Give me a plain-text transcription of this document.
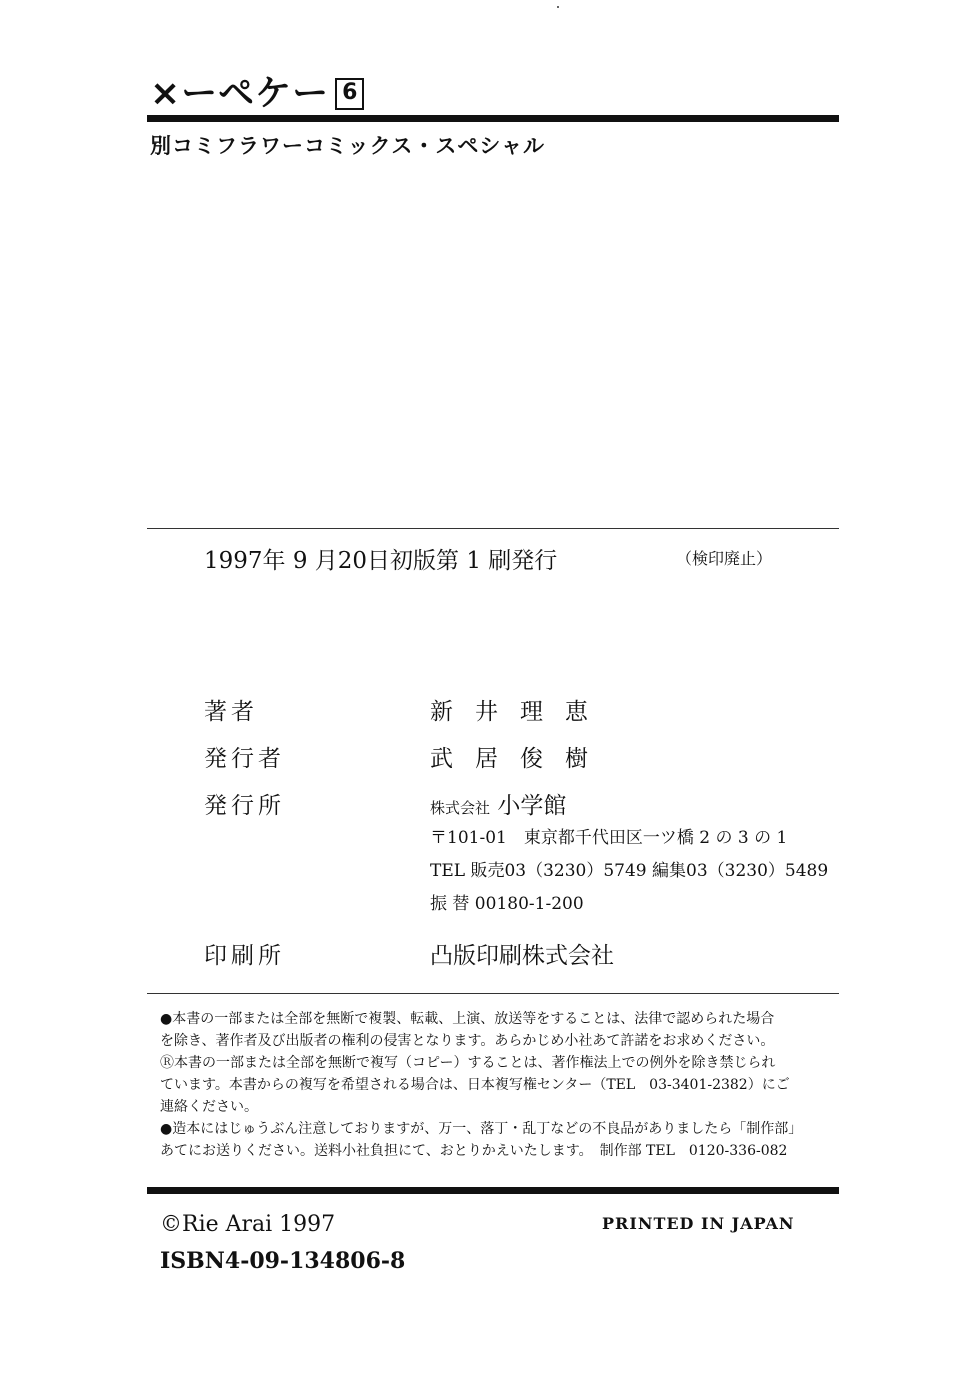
×ーペケー 6
別コミフラワーコミックス・スペシャル
1997年 9 月20日初版第 1 刷発行	（検印廃止）
著者	新井理恵
発行者	武居俊樹
発行所	株式会社 小学館
〒101-01　東京都千代田区一ツ橋 2 の 3 の 1
TEL 販売03（3230）5749 編集03（3230）5489
振 替 00180-1-200
印刷所	凸版印刷株式会社

●本書の一部または全部を無断で複製、転載、上演、放送等をすることは、法律で認められた場合

を除き、著作者及び出版者の権利の侵害となります。あらかじめ小社あて許諾をお求めください。

Ⓡ本書の一部または全部を無断で複写（コピー）することは、著作権法上での例外を除き禁じられ

ています。本書からの複写を希望される場合は、日本複写権センター（TEL　03-3401-2382）にご

連絡ください。

●造本にはじゅうぶん注意しておりますが、万一、落丁・乱丁などの不良品がありましたら「制作部」

あてにお送りください。送料小社負担にて、おとりかえいたします。　制作部 TEL　0120-336-082

©Rie Arai 1997	PRINTED IN JAPAN
ISBN4-09-134806-8
